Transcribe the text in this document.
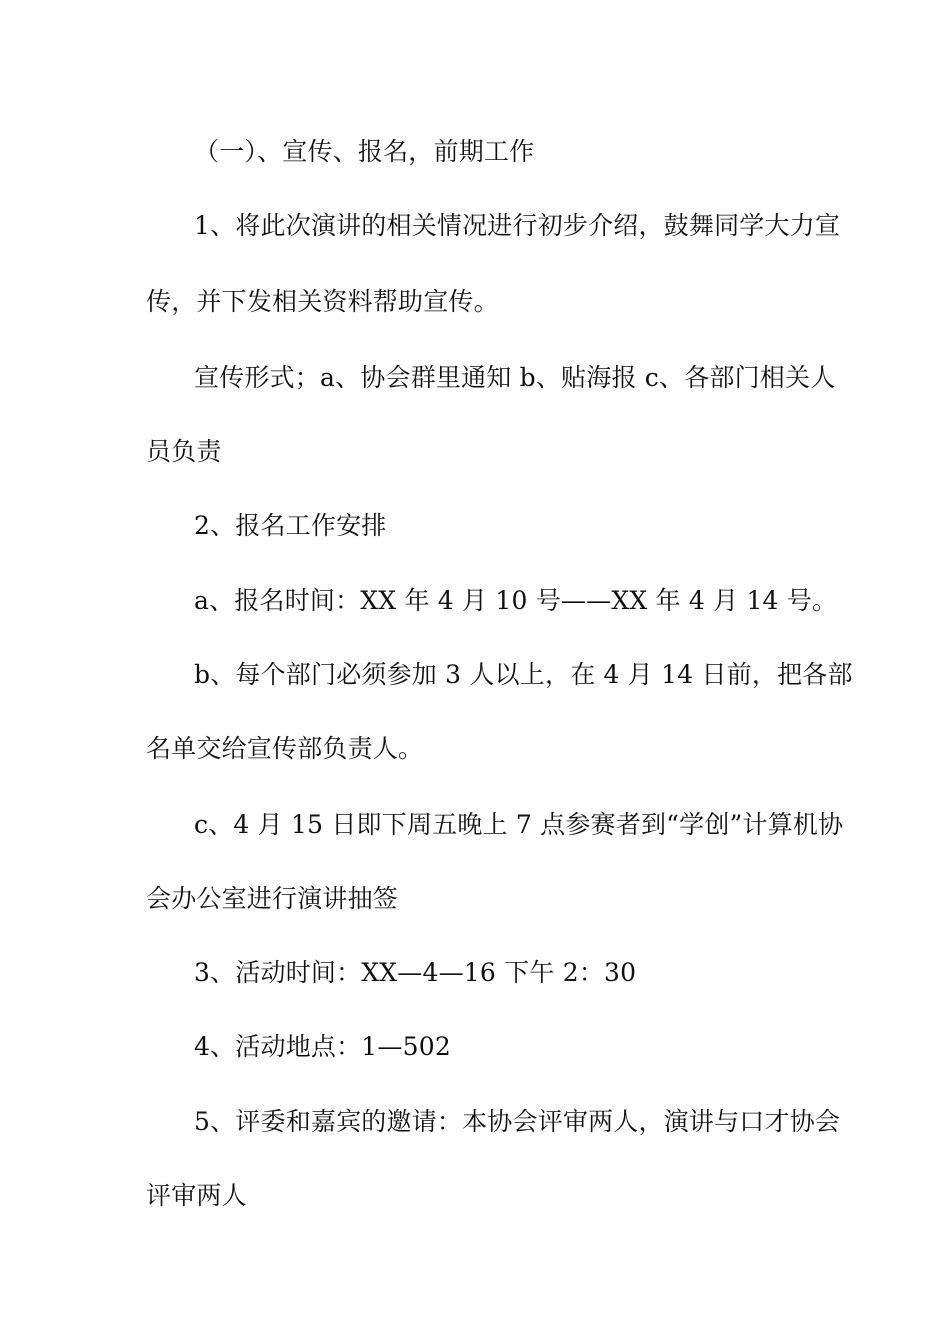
（一）、宣传、报名，前期工作
1、将此次演讲的相关情况进行初步介绍，鼓舞同学大力宣
传，并下发相关资料帮助宣传。
宣传形式；a、协会群里通知 b、贴海报 c、各部门相关人
员负责
2、报名工作安排
a、报名时间：XX 年 4 月 10 号——XX 年 4 月 14 号。
b、每个部门必须参加 3 人以上，在 4 月 14 日前，把各部
名单交给宣传部负责人。
c、4 月 15 日即下周五晚上 7 点参赛者到“学创”计算机协
会办公室进行演讲抽签
3、活动时间：XX—4—16 下午 2：30
4、活动地点：1—502
5、评委和嘉宾的邀请：本协会评审两人，演讲与口才协会
评审两人
